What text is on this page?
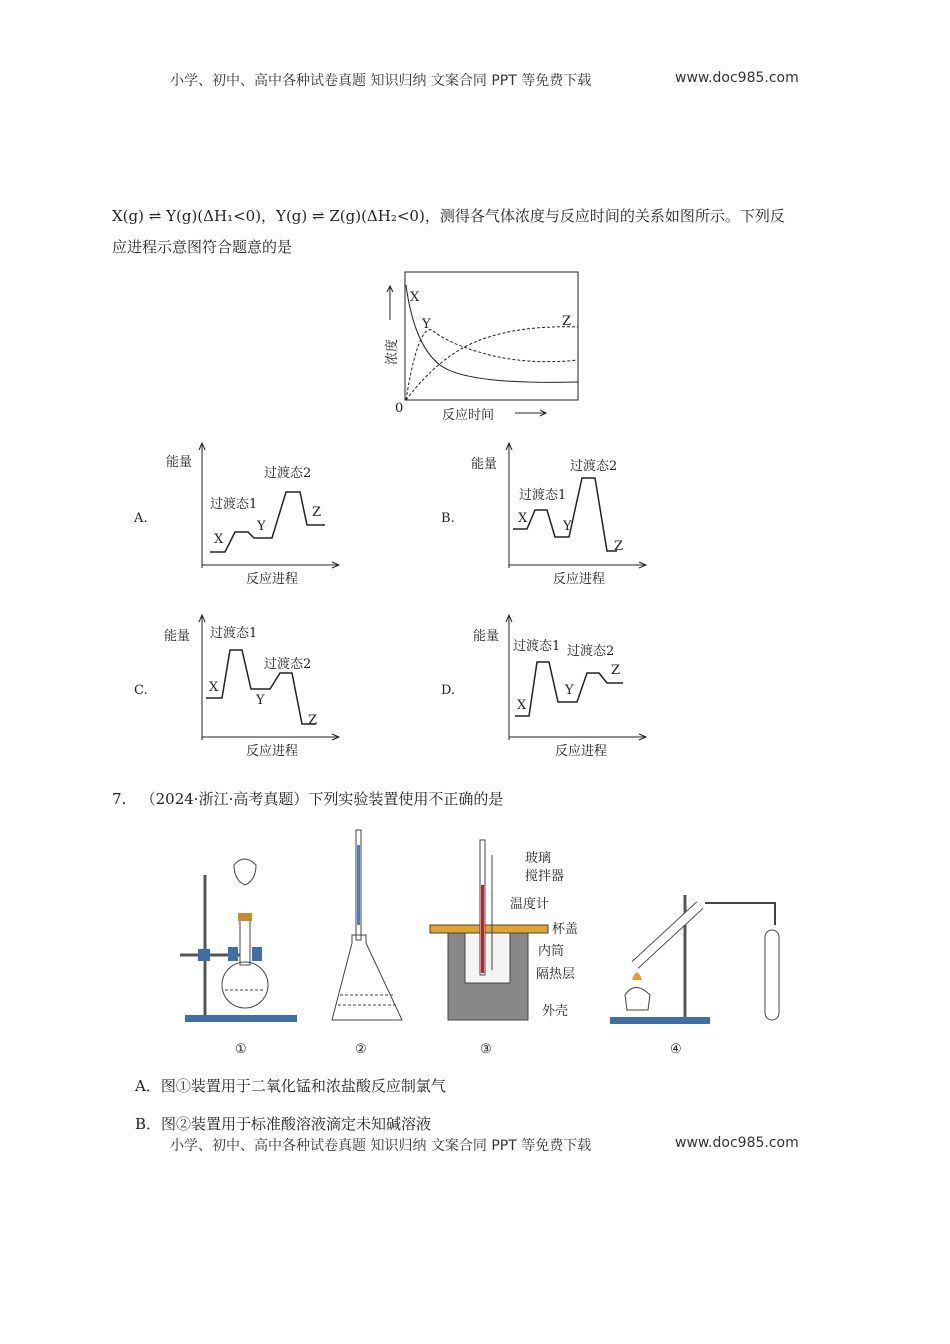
小学、初中、高中各种试卷真题 知识归纳 文案合同 PPT 等免费下载	www.doc985.com
X(g) ⇌ Y(g)(ΔH₁<0)，Y(g) ⇌ Z(g)(ΔH₂<0)，测得各气体浓度与反应时间的关系如图所示。下列反
应进程示意图符合题意的是
X
Y	Z
0	反应时间
浓度
A.
能量
X
过渡态1
Y
过渡态2
Z
反应进程
B.
能量
X
过渡态1
Y
过渡态2
Z
反应进程
C.
能量
X
过渡态1
Y
过渡态2
Z
反应进程
D.
能量
X
过渡态1
Y
过渡态2
Z
反应进程
7. （2024·浙江·高考真题）下列实验装置使用不正确的是
①	②
玻璃
搅拌器
温度计
杯盖
内筒
隔热层
外壳
③	④
A．图①装置用于二氧化锰和浓盐酸反应制氯气
B．图②装置用于标准酸溶液滴定未知碱溶液
小学、初中、高中各种试卷真题 知识归纳 文案合同 PPT 等免费下载	www.doc985.com
